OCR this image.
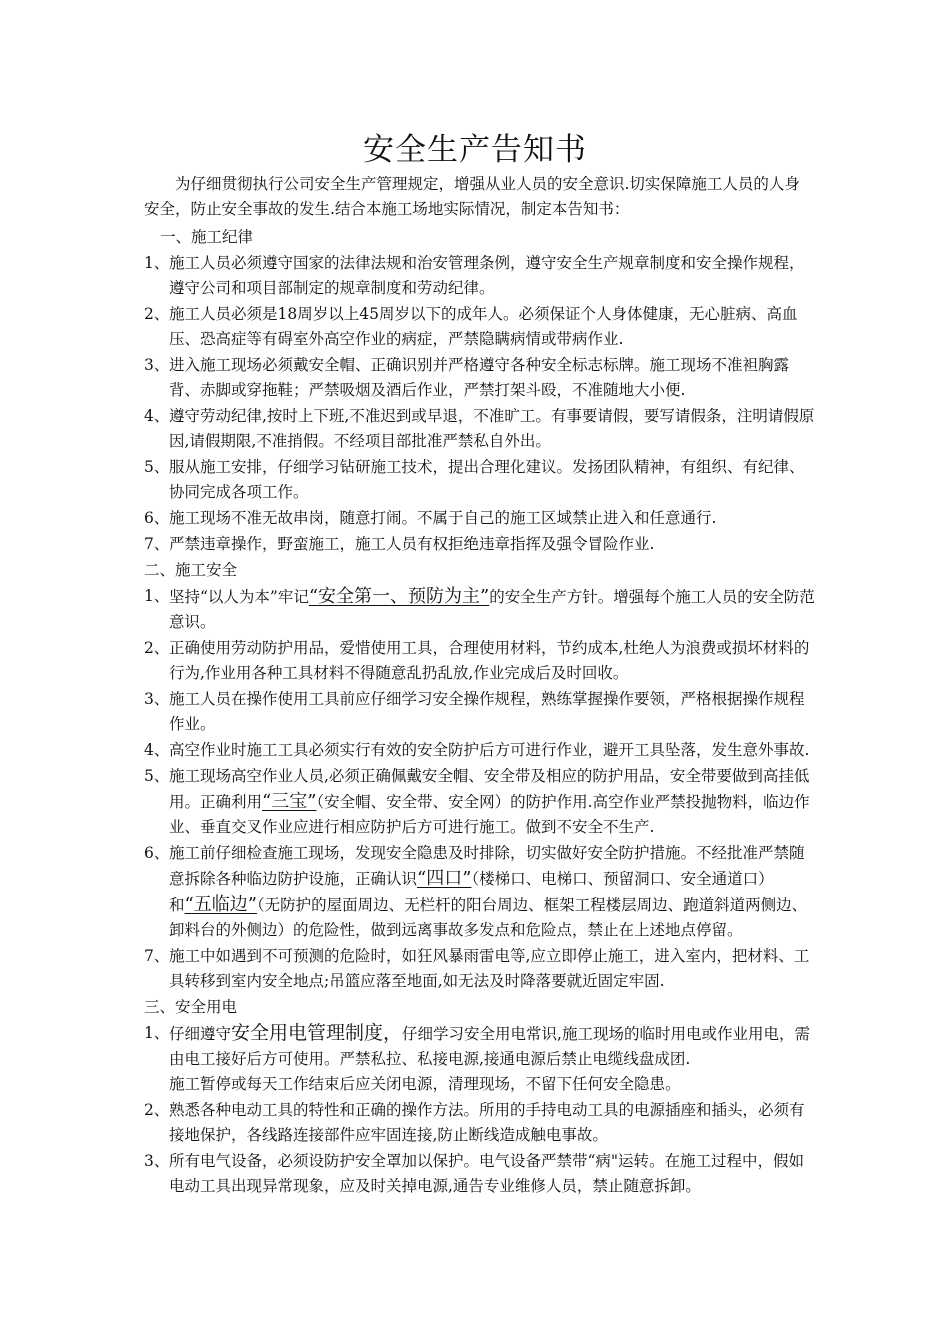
安全生产告知书
为仔细贯彻执行公司安全生产管理规定，增强从业人员的安全意识.切实保障施工人员的人身安全，防止安全事故的发生.结合本施工场地实际情况，制定本告知书：
一、施工纪律
1、 施工人员必须遵守国家的法律法规和治安管理条例，遵守安全生产规章制度和安全操作规程，遵守公司和项目部制定的规章制度和劳动纪律。
2、 施工人员必须是18周岁以上45周岁以下的成年人。必须保证个人身体健康，无心脏病、高血压、恐高症等有碍室外高空作业的病症，严禁隐瞒病情或带病作业.
3、 进入施工现场必须戴安全帽、正确识别并严格遵守各种安全标志标牌。施工现场不准袒胸露背、赤脚或穿拖鞋；严禁吸烟及酒后作业，严禁打架斗殴，不准随地大小便.
4、 遵守劳动纪律,按时上下班,不准迟到或早退，不准旷工。有事要请假，要写请假条，注明请假原因,请假期限,不准捎假。不经项目部批准严禁私自外出。
5、 服从施工安排，仔细学习钻研施工技术，提出合理化建议。发扬团队精神，有组织、有纪律、协同完成各项工作。
6、 施工现场不准无故串岗，随意打闹。不属于自己的施工区域禁止进入和任意通行.
7、 严禁违章操作，野蛮施工，施工人员有权拒绝违章指挥及强令冒险作业.
二、施工安全
1、 坚持“以人为本”牢记“安全第一、预防为主”的安全生产方针。增强每个施工人员的安全防范意识。
2、 正确使用劳动防护用品，爱惜使用工具，合理使用材料，节约成本,杜绝人为浪费或损坏材料的行为,作业用各种工具材料不得随意乱扔乱放,作业完成后及时回收。
3、 施工人员在操作使用工具前应仔细学习安全操作规程，熟练掌握操作要领，严格根据操作规程作业。
4、 高空作业时施工工具必须实行有效的安全防护后方可进行作业，避开工具坠落，发生意外事故.
5、 施工现场高空作业人员,必须正确佩戴安全帽、安全带及相应的防护用品，安全带要做到高挂低用。正确利用“三宝”（安全帽、安全带、安全网）的防护作用.高空作业严禁投抛物料，临边作业、垂直交叉作业应进行相应防护后方可进行施工。做到不安全不生产.
6、 施工前仔细检查施工现场，发现安全隐患及时排除，切实做好安全防护措施。不经批准严禁随意拆除各种临边防护设施，正确认识“四口”（楼梯口、电梯口、预留洞口、安全通道口）和“五临边”（无防护的屋面周边、无栏杆的阳台周边、框架工程楼层周边、跑道斜道两侧边、卸料台的外侧边）的危险性，做到远离事故多发点和危险点，禁止在上述地点停留。
7、 施工中如遇到不可预测的危险时，如狂风暴雨雷电等,应立即停止施工，进入室内，把材料、工具转移到室内安全地点;吊篮应落至地面,如无法及时降落要就近固定牢固.
三、安全用电
1、 仔细遵守安全用电管理制度，仔细学习安全用电常识,施工现场的临时用电或作业用电，需由电工接好后方可使用。严禁私拉、私接电源,接通电源后禁止电缆线盘成团.
施工暂停或每天工作结束后应关闭电源，清理现场，不留下任何安全隐患。
2、 熟悉各种电动工具的特性和正确的操作方法。所用的手持电动工具的电源插座和插头，必须有接地保护，各线路连接部件应牢固连接,防止断线造成触电事故。
3、 所有电气设备，必须设防护安全罩加以保护。电气设备严禁带“病"运转。在施工过程中，假如电动工具出现异常现象，应及时关掉电源,通告专业维修人员，禁止随意拆卸。
